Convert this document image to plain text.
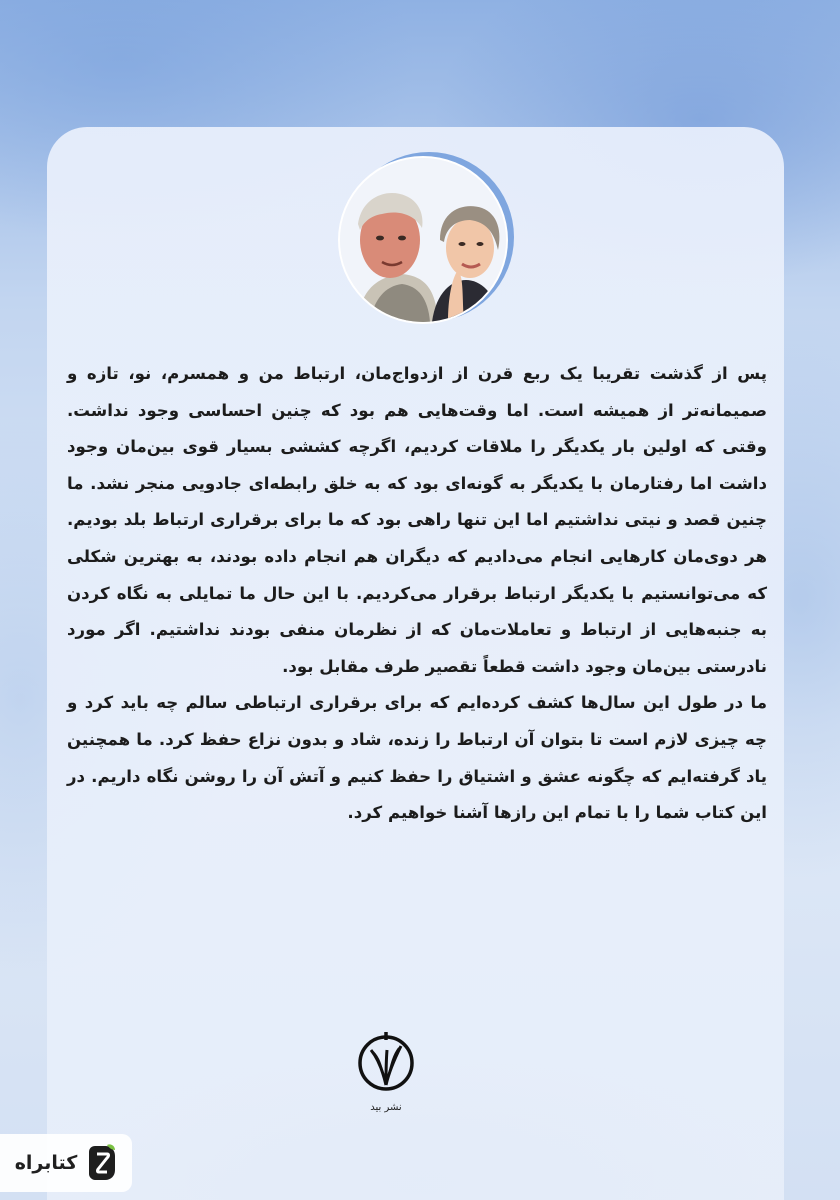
پس از گذشت تقریبا یک ربع قرن از ازدواج‌مان، ارتباط من و همسرم، نو، تازه و صمیمانه‌تر از همیشه است. اما وقت‌هایی هم بود که چنین احساسی وجود نداشت. وقتی که اولین بار یکدیگر را ملاقات کردیم، اگرچه کششی بسیار قوی بین‌مان وجود داشت اما رفتارمان با یکدیگر به گونه‌ای بود که به خلق رابطه‌ای جادویی منجر نشد. ما چنین قصد و نیتی نداشتیم اما این تنها راهی بود که ما برای برقراری ارتباط بلد بودیم. هر دوی‌مان کارهایی انجام می‌دادیم که دیگران هم انجام داده بودند، به بهترین شکلی که می‌توانستیم با یکدیگر ارتباط برقرار می‌کردیم. با این حال ما تمایلی به نگاه کردن به جنبه‌هایی از ارتباط و تعاملات‌مان که از نظرمان منفی بودند نداشتیم. اگر مورد نادرستی بین‌مان وجود داشت قطعاً تقصیر طرف مقابل بود.

ما در طول این سال‌ها کشف کرده‌ایم که برای برقراری ارتباطی سالم چه باید کرد و چه چیزی لازم است تا بتوان آن ارتباط را زنده، شاد و بدون نزاع حفظ کرد. ما همچنین یاد گرفته‌ایم که چگونه عشق و اشتیاق را حفظ کنیم و آتش آن را روشن نگاه داریم. در این کتاب شما را با تمام این رازها آشنا خواهیم کرد.

نشر بید
کتابراه
